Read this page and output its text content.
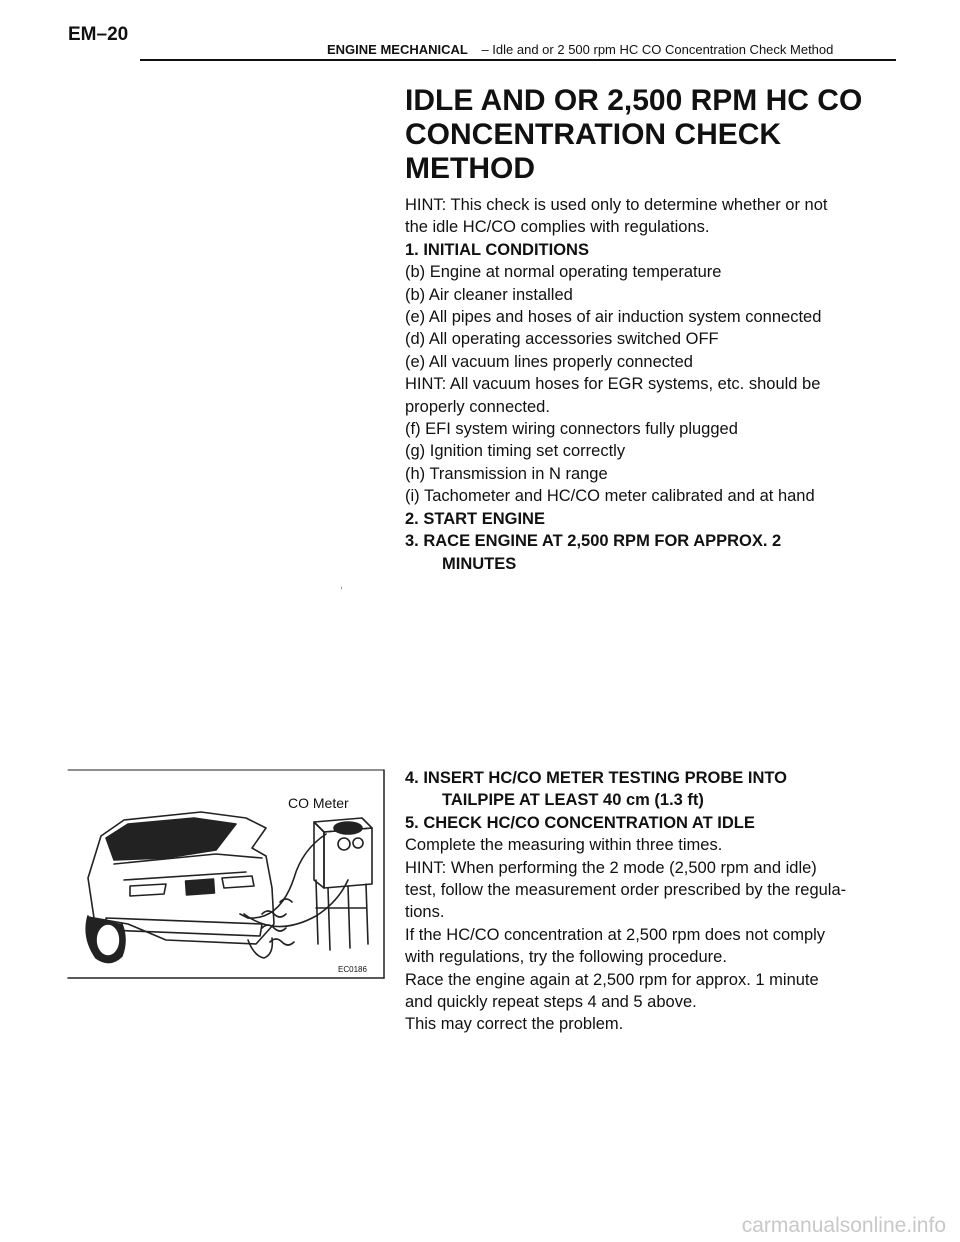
EM–20
ENGINE MECHANICAL – Idle and or 2 500 rpm HC CO Concentration Check Method
IDLE AND OR 2,500 RPM HC CO
CONCENTRATION CHECK
METHOD
HINT: This check is used only to determine whether or not
the idle HC/CO complies with regulations.
1. INITIAL CONDITIONS
(b) Engine at normal operating temperature
(b) Air cleaner installed
(e) All pipes and hoses of air induction system connected
(d) All operating accessories switched OFF
(e) All vacuum lines properly connected
HINT: All vacuum hoses for EGR systems, etc. should be
properly connected.
(f) EFI system wiring connectors fully plugged
(g) Ignition timing set correctly
(h) Transmission in N range
(i) Tachometer and HC/CO meter calibrated and at hand
2. START ENGINE
3. RACE ENGINE AT 2,500 RPM FOR APPROX. 2
MINUTES
,
CO Meter
EC0186
4. INSERT HC/CO METER TESTING PROBE INTO
TAILPIPE AT LEAST 40 cm (1.3 ft)
5. CHECK HC/CO CONCENTRATION AT IDLE
Complete the measuring within three times.
HINT: When performing the 2 mode (2,500 rpm and idle)
test, follow the measurement order prescribed by the regula-
tions.
If the HC/CO concentration at 2,500 rpm does not comply
with regulations, try the following procedure.
Race the engine again at 2,500 rpm for approx. 1 minute
and quickly repeat steps 4 and 5 above.
This may correct the problem.
carmanualsonline.info
